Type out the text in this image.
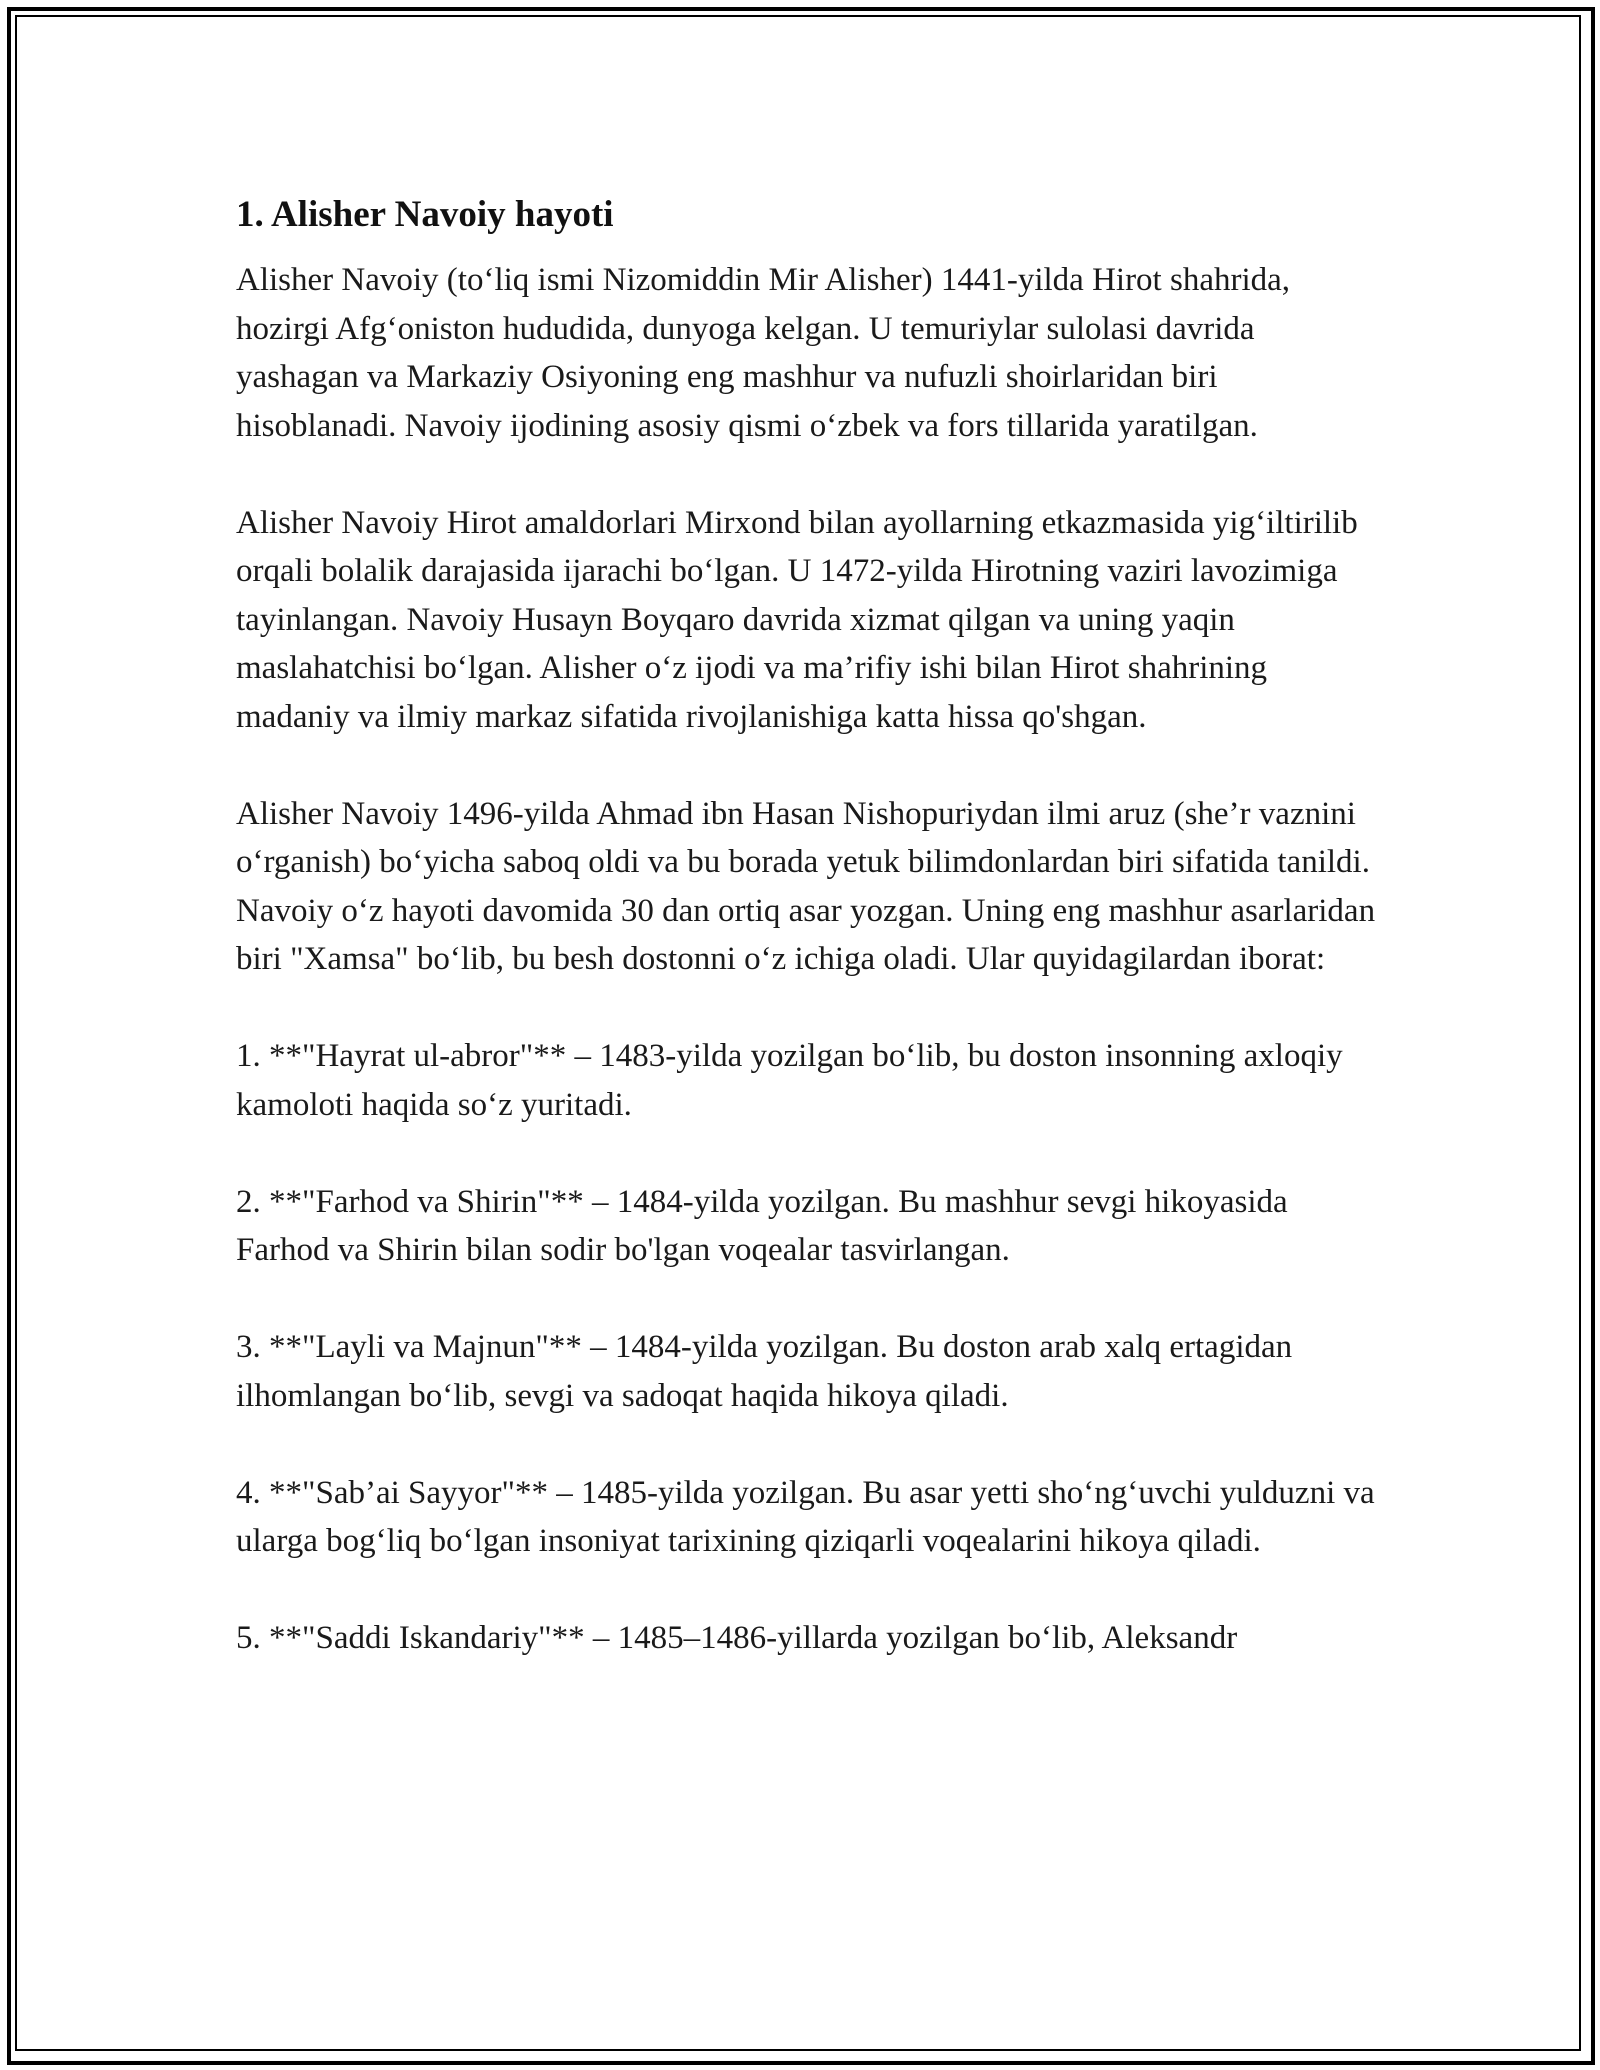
1. Alisher Navoiy hayoti

Alisher Navoiy (to‘liq ismi Nizomiddin Mir Alisher) 1441-yilda Hirot shahrida, hozirgi Afg‘oniston hududida, dunyoga kelgan. U temuriylar sulolasi davrida yashagan va Markaziy Osiyoning eng mashhur va nufuzli shoirlaridan biri hisoblanadi. Navoiy ijodining asosiy qismi o‘zbek va fors tillarida yaratilgan.

Alisher Navoiy Hirot amaldorlari Mirxond bilan ayollarning etkazmasida yig‘iltirilib orqali bolalik darajasida ijarachi bo‘lgan. U 1472-yilda Hirotning vaziri lavozimiga tayinlangan. Navoiy Husayn Boyqaro davrida xizmat qilgan va uning yaqin maslahatchisi bo‘lgan. Alisher o‘z ijodi va ma’rifiy ishi bilan Hirot shahrining madaniy va ilmiy markaz sifatida rivojlanishiga katta hissa qo'shgan.

Alisher Navoiy 1496-yilda Ahmad ibn Hasan Nishopuriydan ilmi aruz (she’r vaznini o‘rganish) bo‘yicha saboq oldi va bu borada yetuk bilimdonlardan biri sifatida tanildi. Navoiy o‘z hayoti davomida 30 dan ortiq asar yozgan. Uning eng mashhur asarlaridan biri "Xamsa" bo‘lib, bu besh dostonni o‘z ichiga oladi. Ular quyidagilardan iborat:

1. **"Hayrat ul-abror"** – 1483-yilda yozilgan bo‘lib, bu doston insonning axloqiy kamoloti haqida so‘z yuritadi.

2. **"Farhod va Shirin"** – 1484-yilda yozilgan. Bu mashhur sevgi hikoyasida Farhod va Shirin bilan sodir bo'lgan voqealar tasvirlangan.

3. **"Layli va Majnun"** – 1484-yilda yozilgan. Bu doston arab xalq ertagidan ilhomlangan bo‘lib, sevgi va sadoqat haqida hikoya qiladi.

4. **"Sab’ai Sayyor"** – 1485-yilda yozilgan. Bu asar yetti sho‘ng‘uvchi yulduzni va ularga bog‘liq bo‘lgan insoniyat tarixining qiziqarli voqealarini hikoya qiladi.

5. **"Saddi Iskandariy"** – 1485–1486-yillarda yozilgan bo‘lib, Aleksandr
